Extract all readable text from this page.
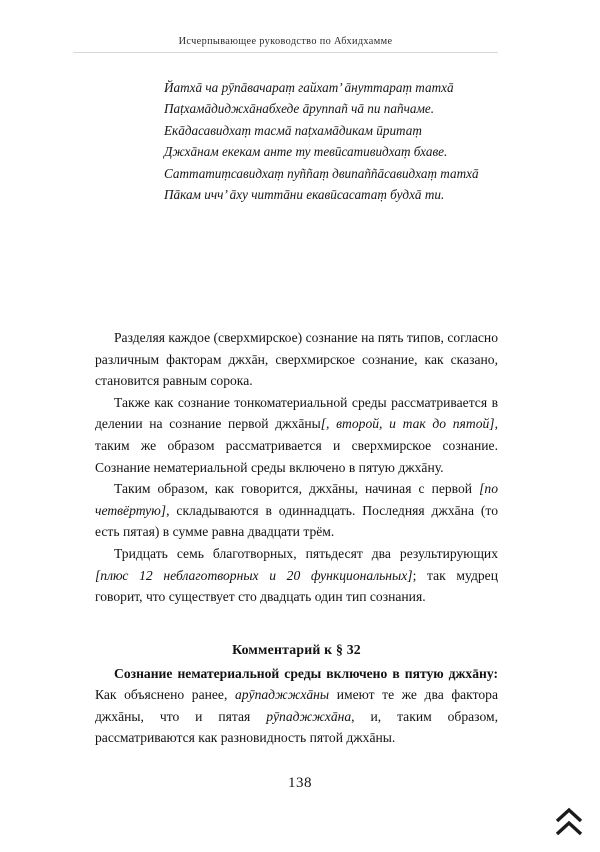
Исчерпывающее руководство по Абхидхамме

Йатхā ча рӯпāвачараṃ гайхат’ āнуттараṃ татхā

Паṭхамāдиджхāнабхеде āруппañ чā пи пañчаме.

Екāдасавидхаṃ тасмā паṭхамāдикам ӣритаṃ

Джхāнам екекам анте ту тевӣсативидхаṃ бхаве.

Саттатиṃсавидхаṃ пуññаṃ двипаññāсавидхаṃ татхā

Пāкам ичч’ āху читтāни екавӣсасатаṃ будхā ти.

Разделяя каждое (сверхмирское) сознание на пять типов, согласно различным факторам джхāн, сверхмирское сознание, как сказано, становится равным сорока.

Также как сознание тонкоматериальной среды рассматривается в делении на сознание первой джхāны[, второй, и так до пятой], таким же образом рассматривается и сверхмирское сознание. Сознание нематериальной среды включено в пятую джхāну.

Таким образом, как говорится, джхāны, начиная с первой [по четвёртую], складываются в одиннадцать. Последняя джхāна (то есть пятая) в сумме равна двадцати трём.

Тридцать семь благотворных, пятьдесят два результирующих [плюс 12 неблаготворных и 20 функциональных]; так мудрец говорит, что существует сто двадцать один тип сознания.

Комментарий к § 32

Сознание нематериальной среды включено в пятую джхāну: Как объяснено ранее, арӯпаджжхāны имеют те же два фактора джхāны, что и пятая рӯпаджжхāна, и, таким образом, рассматриваются как разновидность пятой джхāны.

138
